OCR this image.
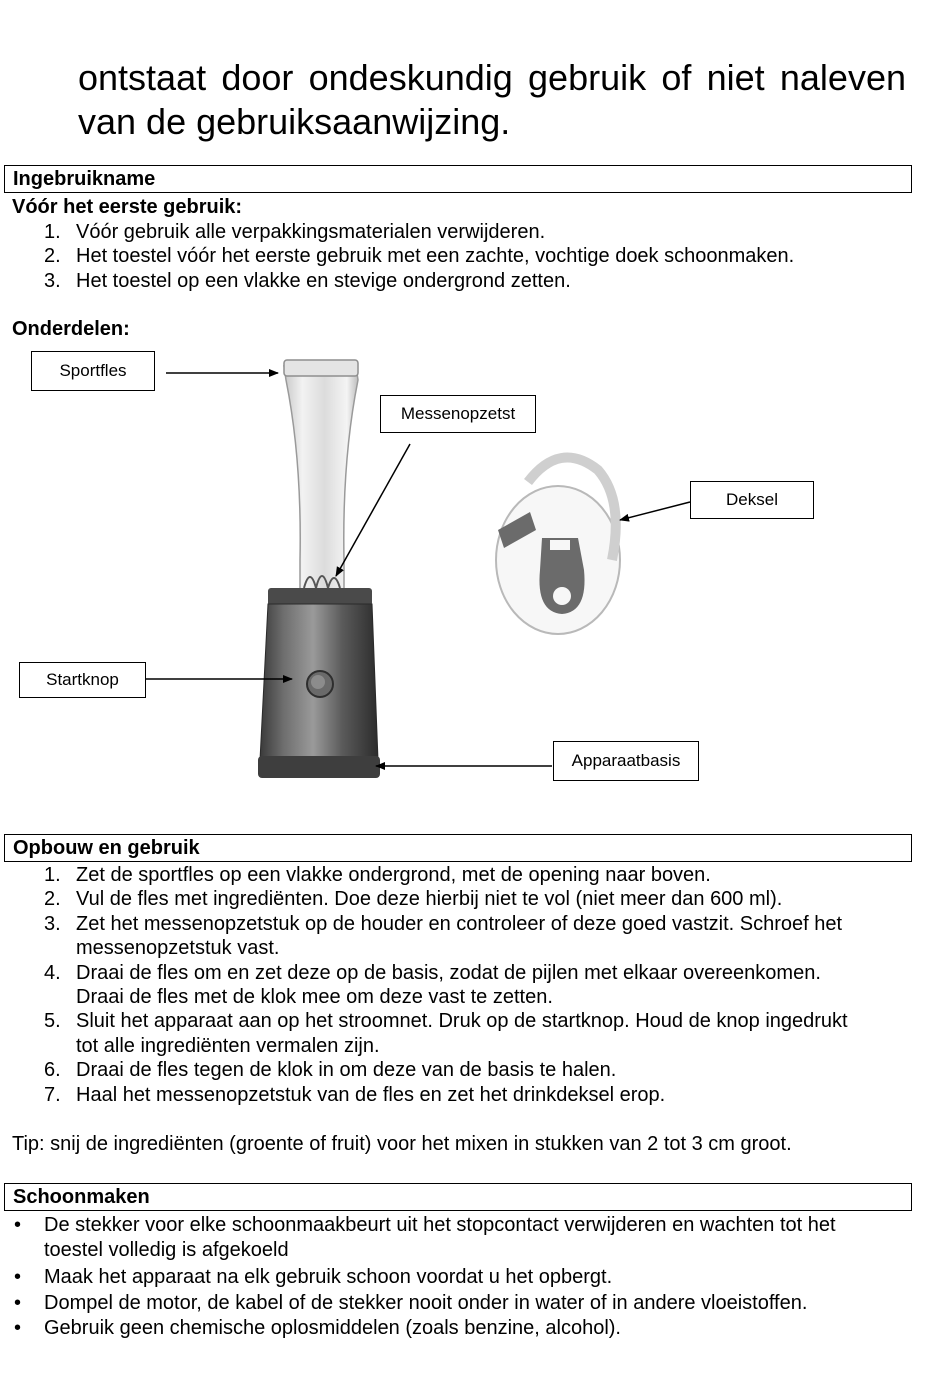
ontstaat door ondeskundig gebruik of niet naleven
van de gebruiksaanwijzing.
Ingebruikname
Vóór het eerste gebruik:
1. Vóór gebruik alle verpakkingsmaterialen verwijderen.
2. Het toestel vóór het eerste gebruik met een zachte, vochtige doek schoonmaken.
3. Het toestel op een vlakke en stevige ondergrond zetten.
Onderdelen:
Sportfles
Messenopzetst
Deksel
Startknop
Apparaatbasis
Opbouw en gebruik
1. Zet de sportfles op een vlakke ondergrond, met de opening naar boven.
2. Vul de fles met ingrediënten. Doe deze hierbij niet te vol (niet meer dan 600 ml).
3. Zet het messenopzetstuk op de houder en controleer of deze goed vastzit. Schroef het
messenopzetstuk vast.
4. Draai de fles om en zet deze op de basis, zodat de pijlen met elkaar overeenkomen.
Draai de fles met de klok mee om deze vast te zetten.
5. Sluit het apparaat aan op het stroomnet. Druk op de startknop. Houd de knop ingedrukt
tot alle ingrediënten vermalen zijn.
6. Draai de fles tegen de klok in om deze van de basis te halen.
7. Haal het messenopzetstuk van de fles en zet het drinkdeksel erop.
Tip: snij de ingrediënten (groente of fruit) voor het mixen in stukken van 2 tot 3 cm groot.
Schoonmaken
• De stekker voor elke schoonmaakbeurt uit het stopcontact verwijderen en wachten tot het
toestel volledig is afgekoeld
• Maak het apparaat na elk gebruik schoon voordat u het opbergt.
• Dompel de motor, de kabel of de stekker nooit onder in water of in andere vloeistoffen.
• Gebruik geen chemische oplosmiddelen (zoals benzine, alcohol).
